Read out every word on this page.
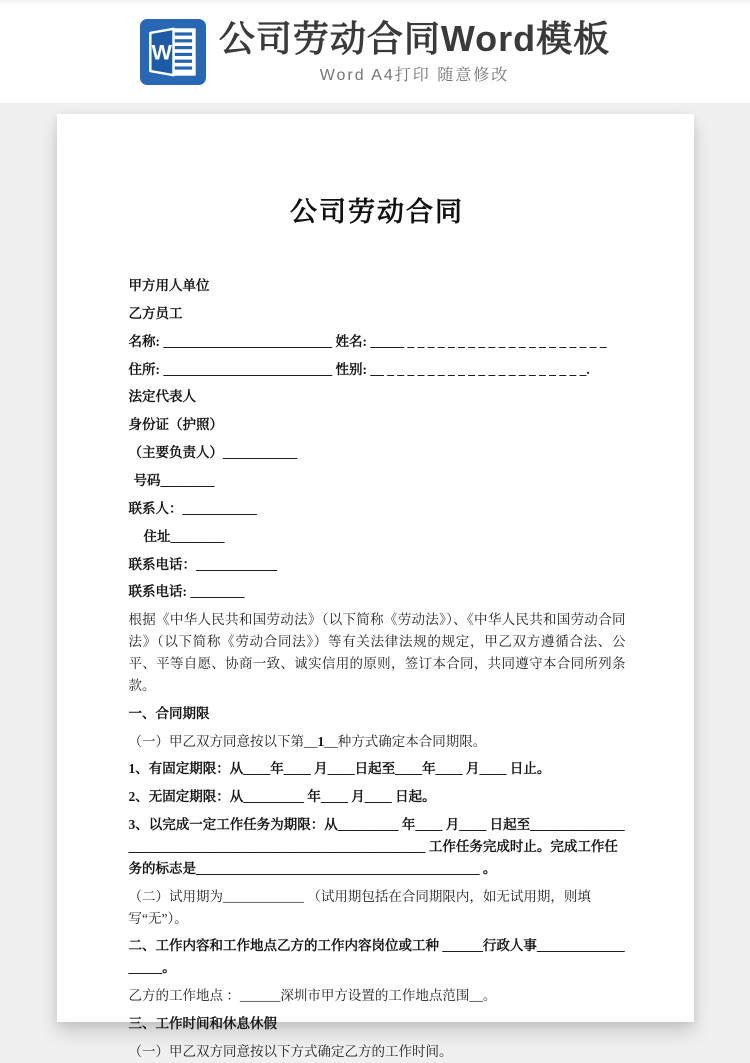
W 公司劳动合同Word模板
Word A4打印 随意修改
公司劳动合同

甲方用人单位

乙方员工

名称: _________________________ 姓名: _____ _ _ _ _ _ _ _ _ _ _ _ _ _ _ _ _ _ _ _ _

住所: _________________________ 性别: __ _ _ _ _ _ _ _ _ _ _ _ _ _ _ _ _ _ _ _ _.

法定代表人

身份证（护照）

（主要负责人）___________

号码________

联系人：___________

住址________

联系电话：____________

联系电话: ________

根据《中华人民共和国劳动法》（以下简称《劳动法》）、《中华人民共和国劳动合同法》（以下简称《劳动合同法》）等有关法律法规的规定，甲乙双方遵循合法、公平、平等自愿、协商一致、诚实信用的原则，签订本合同，共同遵守本合同所列条款。

一、合同期限

（一）甲乙双方同意按以下第__1__种方式确定本合同期限。

1、有固定期限：从____年____ 月____日起至____年____ 月____ 日止。

2、无固定期限：从_________ 年____ 月____ 日起。

3、以完成一定工作任务为期限：从_________ 年____ 月____ 日起至__________________________________________________________ 工作任务完成时止。完成工作任务的标志是__________________________________________ 。

（二）试用期为____________ （试用期包括在合同期限内，如无试用期，则填写“无”）。

二、工作内容和工作地点乙方的工作内容岗位或工种 ______行政人事__________________。

乙方的工作地点 ：______深圳市甲方设置的工作地点范围__。

三、工作时间和休息休假

（一）甲乙双方同意按以下方式确定乙方的工作时间。
